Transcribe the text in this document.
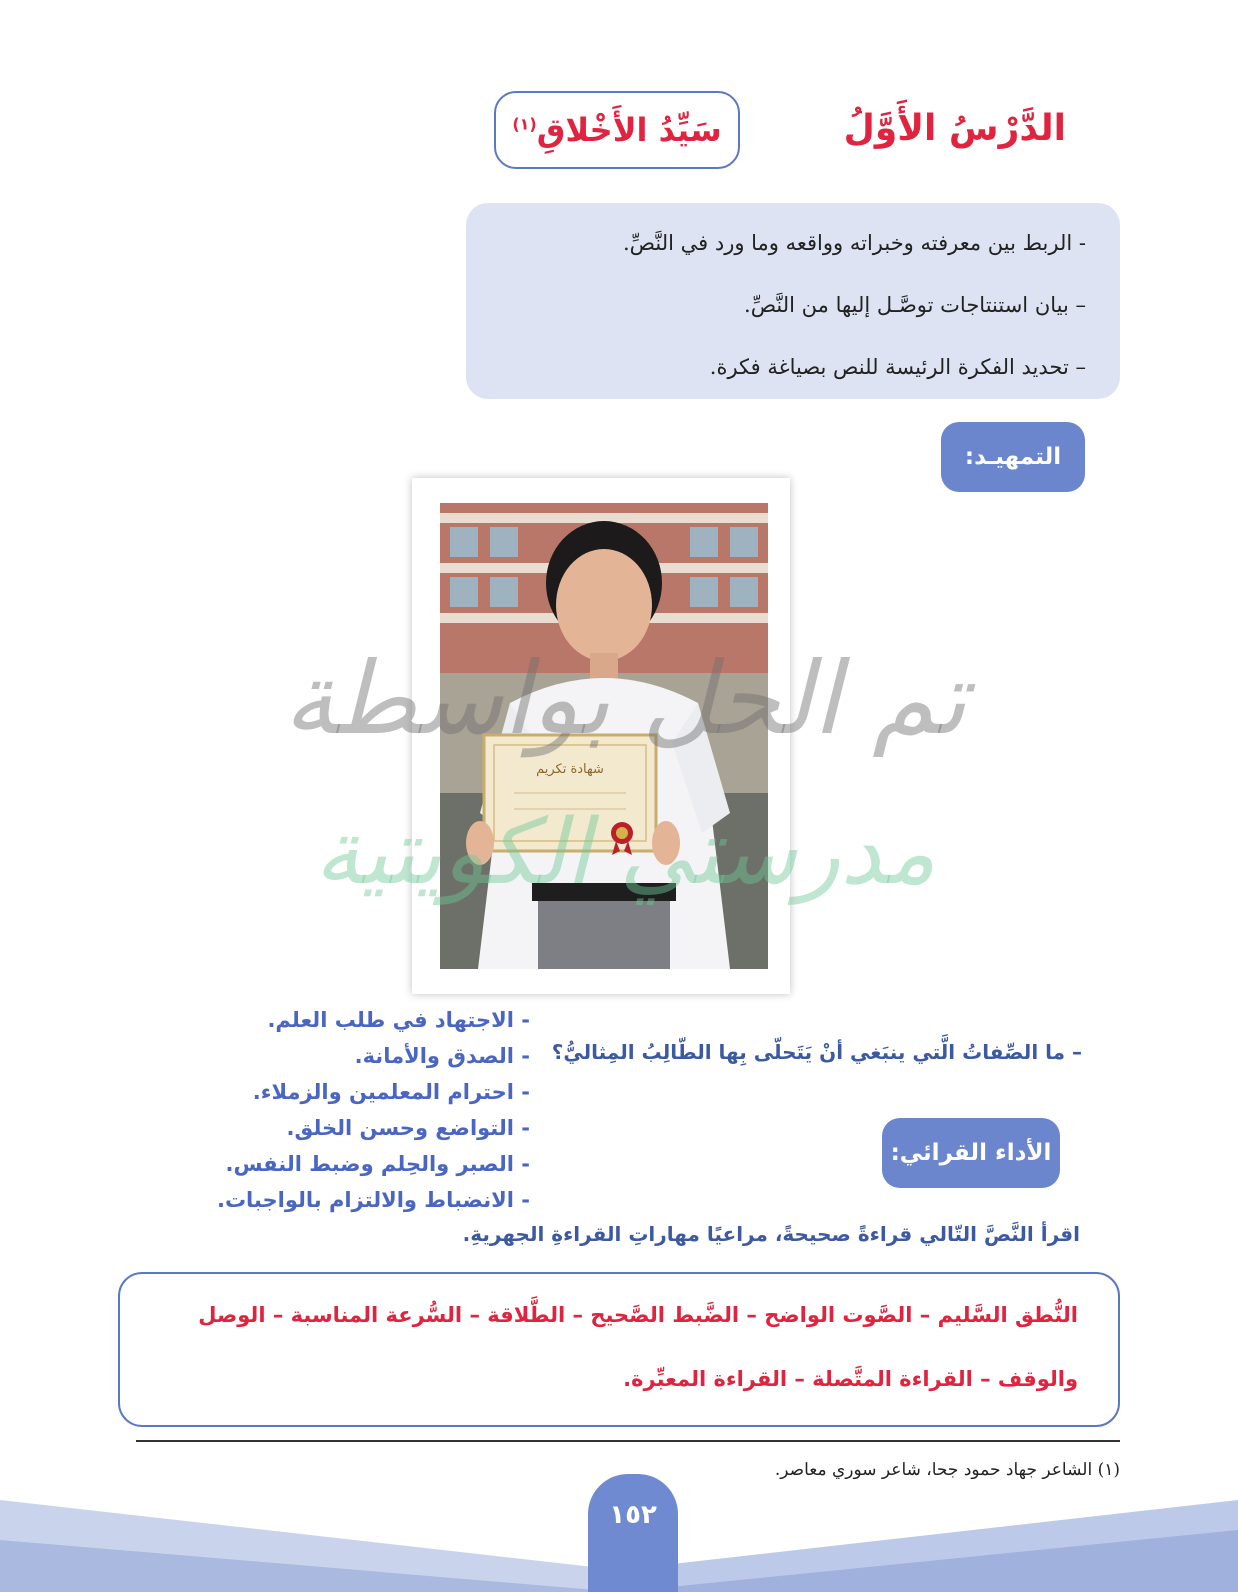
الدَّرْسُ الأَوَّلُ
سَيِّدُ الأَخْلاقِ$^{(١)}$
- الربط بين معرفته وخبراته وواقعه وما ورد في النَّصِّ.
– بيان استنتاجات توصَّـل إليها من النَّصِّ.
– تحديد الفكرة الرئيسة للنص بصياغة فكرة.
التمهيـد:
شهادة تكريم
تم الحل بواسطة
مدرستي الكويتية
– ما الصِّفاتُ الَّتي ينبَغي أنْ يَتَحلّى بِها الطّالِبُ المِثاليُّ؟
- الاجتهاد في طلب العلم.
- الصدق والأمانة.
- احترام المعلمين والزملاء.
- التواضع وحسن الخلق.
- الصبر والحِلم وضبط النفس.
- الانضباط والالتزام بالواجبات.
الأداء القرائي:
اقرأ النَّصَّ التّالي قراءةً صحيحةً، مراعيًا مهاراتِ القراءةِ الجهريةِ.
النُّطق السَّليم – الصَّوت الواضح – الضَّبط الصَّحيح – الطَّلاقة – السُّرعة المناسبة – الوصل
والوقف – القراءة المتَّصلة – القراءة المعبِّرة.
(١) الشاعر جهاد حمود جحا، شاعر سوري معاصر.
١٥٢
